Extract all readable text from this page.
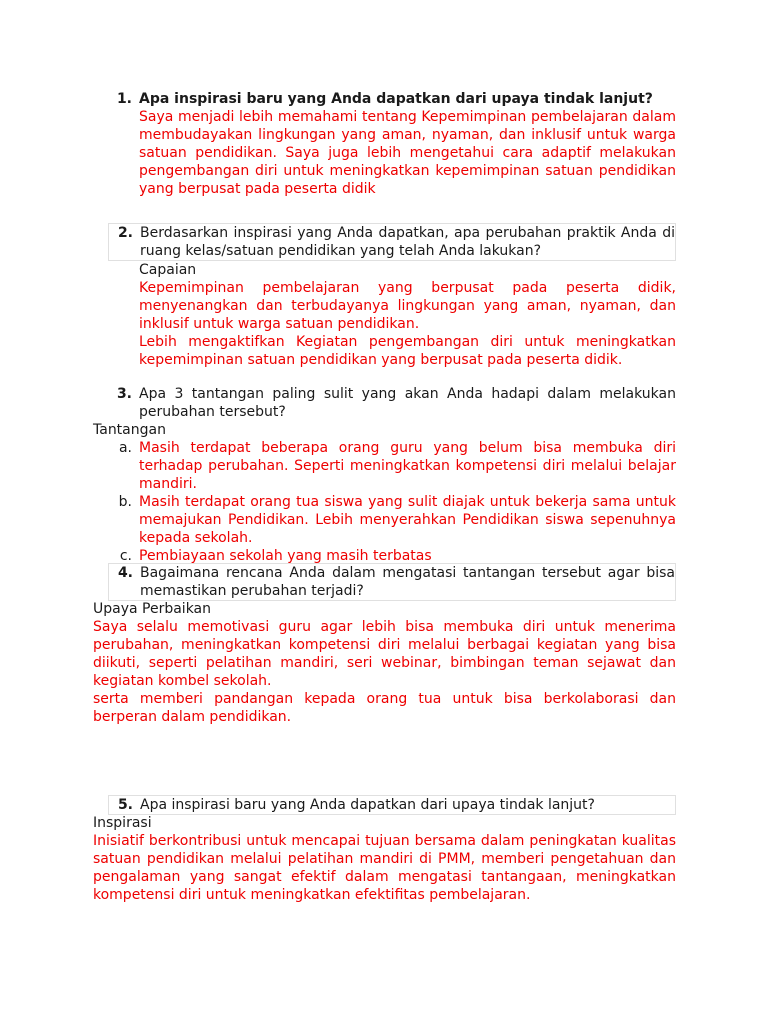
1. Apa inspirasi baru yang Anda dapatkan dari upaya tindak lanjut?

Saya menjadi lebih memahami tentang Kepemimpinan pembelajaran dalam membudayakan lingkungan yang aman, nyaman, dan inklusif untuk warga satuan pendidikan. Saya juga lebih mengetahui cara adaptif melakukan pengembangan diri untuk meningkatkan kepemimpinan satuan pendidikan yang berpusat pada peserta didik

2. Berdasarkan inspirasi yang Anda dapatkan, apa perubahan praktik Anda di ruang kelas/satuan pendidikan yang telah Anda lakukan?
Capaian

Kepemimpinan pembelajaran yang berpusat pada peserta didik, menyenangkan dan terbudayanya lingkungan yang aman, nyaman, dan inklusif untuk warga satuan pendidikan.

Lebih mengaktifkan Kegiatan pengembangan diri untuk meningkatkan kepemimpinan satuan pendidikan yang berpusat pada peserta didik.

3. Apa 3 tantangan paling sulit yang akan Anda hadapi dalam melakukan perubahan tersebut?
Tantangan
a. Masih terdapat beberapa orang guru yang belum bisa membuka diri terhadap perubahan. Seperti meningkatkan kompetensi diri melalui belajar mandiri.
b. Masih terdapat orang tua siswa yang sulit diajak untuk bekerja sama untuk memajukan Pendidikan. Lebih menyerahkan Pendidikan siswa sepenuhnya kepada sekolah.
c. Pembiayaan sekolah yang masih terbatas
4. Bagaimana rencana Anda dalam mengatasi tantangan tersebut agar bisa memastikan perubahan terjadi?
Upaya Perbaikan

Saya selalu memotivasi guru agar lebih bisa membuka diri untuk menerima perubahan, meningkatkan kompetensi diri melalui berbagai kegiatan yang bisa diikuti, seperti pelatihan mandiri, seri webinar, bimbingan teman sejawat dan kegiatan kombel sekolah.

serta memberi pandangan kepada orang tua untuk bisa berkolaborasi dan berperan dalam pendidikan.

5. Apa inspirasi baru yang Anda dapatkan dari upaya tindak lanjut?
Inspirasi

Inisiatif berkontribusi untuk mencapai tujuan bersama dalam peningkatan kualitas satuan pendidikan melalui pelatihan mandiri di PMM, memberi pengetahuan dan pengalaman yang sangat efektif dalam mengatasi tantangaan, meningkatkan kompetensi diri untuk meningkatkan efektifitas pembelajaran.
